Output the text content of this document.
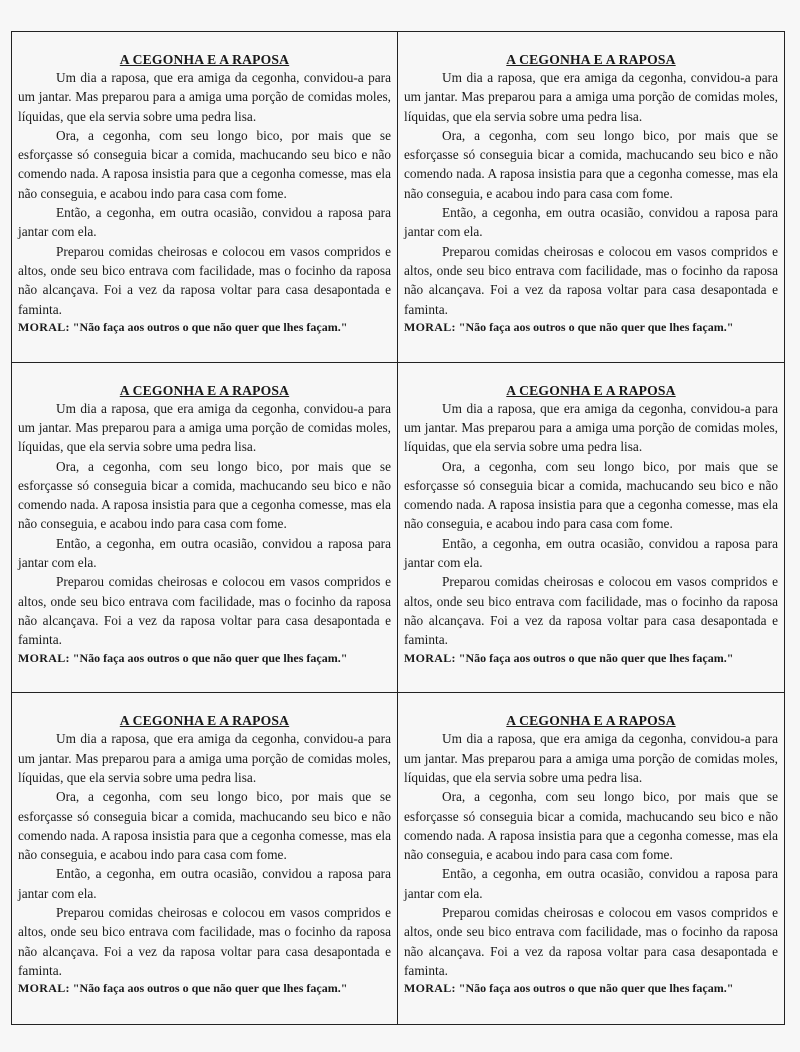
A CEGONHA E A RAPOSA

Um dia a raposa, que era amiga da cegonha, convidou-a para um jantar. Mas preparou para a amiga uma porção de comidas moles, líquidas, que ela servia sobre uma pedra lisa.

Ora, a cegonha, com seu longo bico, por mais que se esforçasse só conseguia bicar a comida, machucando seu bico e não comendo nada. A raposa insistia para que a cegonha comesse, mas ela não conseguia, e acabou indo para casa com fome.

Então, a cegonha, em outra ocasião, convidou a raposa para jantar com ela.

Preparou comidas cheirosas e colocou em vasos compridos e altos, onde seu bico entrava com facilidade, mas o focinho da raposa não alcançava. Foi a vez da raposa voltar para casa desapontada e faminta.

MORAL: "Não faça aos outros o que não quer que lhes façam."

A CEGONHA E A RAPOSA

Um dia a raposa, que era amiga da cegonha, convidou-a para um jantar. Mas preparou para a amiga uma porção de comidas moles, líquidas, que ela servia sobre uma pedra lisa.

Ora, a cegonha, com seu longo bico, por mais que se esforçasse só conseguia bicar a comida, machucando seu bico e não comendo nada. A raposa insistia para que a cegonha comesse, mas ela não conseguia, e acabou indo para casa com fome.

Então, a cegonha, em outra ocasião, convidou a raposa para jantar com ela.

Preparou comidas cheirosas e colocou em vasos compridos e altos, onde seu bico entrava com facilidade, mas o focinho da raposa não alcançava. Foi a vez da raposa voltar para casa desapontada e faminta.

MORAL: "Não faça aos outros o que não quer que lhes façam."

A CEGONHA E A RAPOSA

Um dia a raposa, que era amiga da cegonha, convidou-a para um jantar. Mas preparou para a amiga uma porção de comidas moles, líquidas, que ela servia sobre uma pedra lisa.

Ora, a cegonha, com seu longo bico, por mais que se esforçasse só conseguia bicar a comida, machucando seu bico e não comendo nada. A raposa insistia para que a cegonha comesse, mas ela não conseguia, e acabou indo para casa com fome.

Então, a cegonha, em outra ocasião, convidou a raposa para jantar com ela.

Preparou comidas cheirosas e colocou em vasos compridos e altos, onde seu bico entrava com facilidade, mas o focinho da raposa não alcançava. Foi a vez da raposa voltar para casa desapontada e faminta.

MORAL: "Não faça aos outros o que não quer que lhes façam."

A CEGONHA E A RAPOSA

Um dia a raposa, que era amiga da cegonha, convidou-a para um jantar. Mas preparou para a amiga uma porção de comidas moles, líquidas, que ela servia sobre uma pedra lisa.

Ora, a cegonha, com seu longo bico, por mais que se esforçasse só conseguia bicar a comida, machucando seu bico e não comendo nada. A raposa insistia para que a cegonha comesse, mas ela não conseguia, e acabou indo para casa com fome.

Então, a cegonha, em outra ocasião, convidou a raposa para jantar com ela.

Preparou comidas cheirosas e colocou em vasos compridos e altos, onde seu bico entrava com facilidade, mas o focinho da raposa não alcançava. Foi a vez da raposa voltar para casa desapontada e faminta.

MORAL: "Não faça aos outros o que não quer que lhes façam."

A CEGONHA E A RAPOSA

Um dia a raposa, que era amiga da cegonha, convidou-a para um jantar. Mas preparou para a amiga uma porção de comidas moles, líquidas, que ela servia sobre uma pedra lisa.

Ora, a cegonha, com seu longo bico, por mais que se esforçasse só conseguia bicar a comida, machucando seu bico e não comendo nada. A raposa insistia para que a cegonha comesse, mas ela não conseguia, e acabou indo para casa com fome.

Então, a cegonha, em outra ocasião, convidou a raposa para jantar com ela.

Preparou comidas cheirosas e colocou em vasos compridos e altos, onde seu bico entrava com facilidade, mas o focinho da raposa não alcançava. Foi a vez da raposa voltar para casa desapontada e faminta.

MORAL: "Não faça aos outros o que não quer que lhes façam."

A CEGONHA E A RAPOSA

Um dia a raposa, que era amiga da cegonha, convidou-a para um jantar. Mas preparou para a amiga uma porção de comidas moles, líquidas, que ela servia sobre uma pedra lisa.

Ora, a cegonha, com seu longo bico, por mais que se esforçasse só conseguia bicar a comida, machucando seu bico e não comendo nada. A raposa insistia para que a cegonha comesse, mas ela não conseguia, e acabou indo para casa com fome.

Então, a cegonha, em outra ocasião, convidou a raposa para jantar com ela.

Preparou comidas cheirosas e colocou em vasos compridos e altos, onde seu bico entrava com facilidade, mas o focinho da raposa não alcançava. Foi a vez da raposa voltar para casa desapontada e faminta.

MORAL: "Não faça aos outros o que não quer que lhes façam."
